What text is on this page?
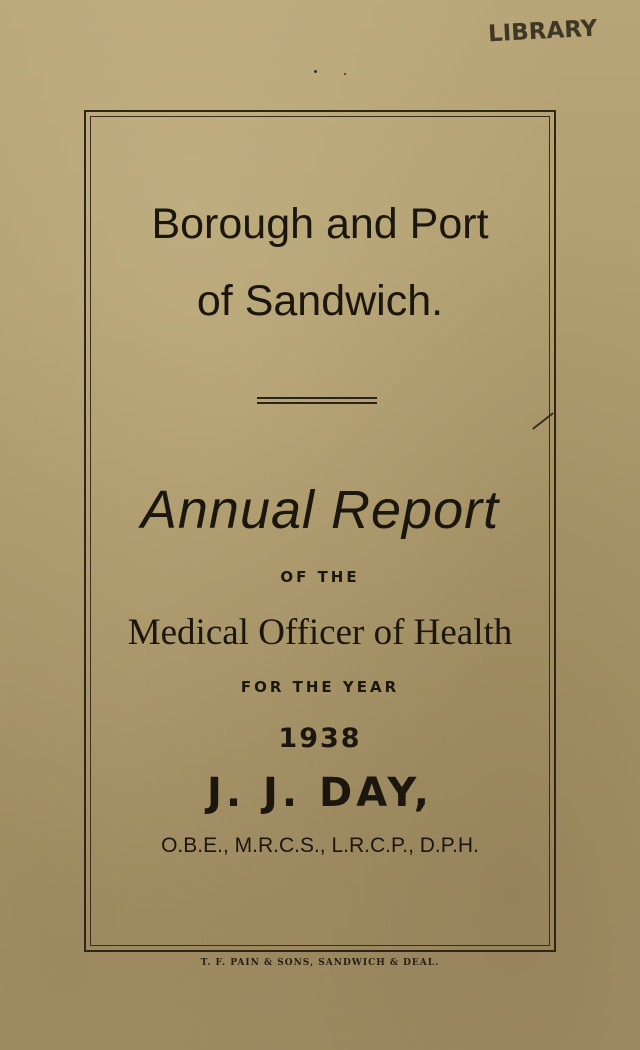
LIBRARY
Borough and Port
of Sandwich.
Annual Report
OF THE
Medical Officer of Health
FOR THE YEAR
1938
J. J. DAY,
O.B.E., M.R.C.S., L.R.C.P., D.P.H.
T. F. PAIN & SONS, SANDWICH & DEAL.
